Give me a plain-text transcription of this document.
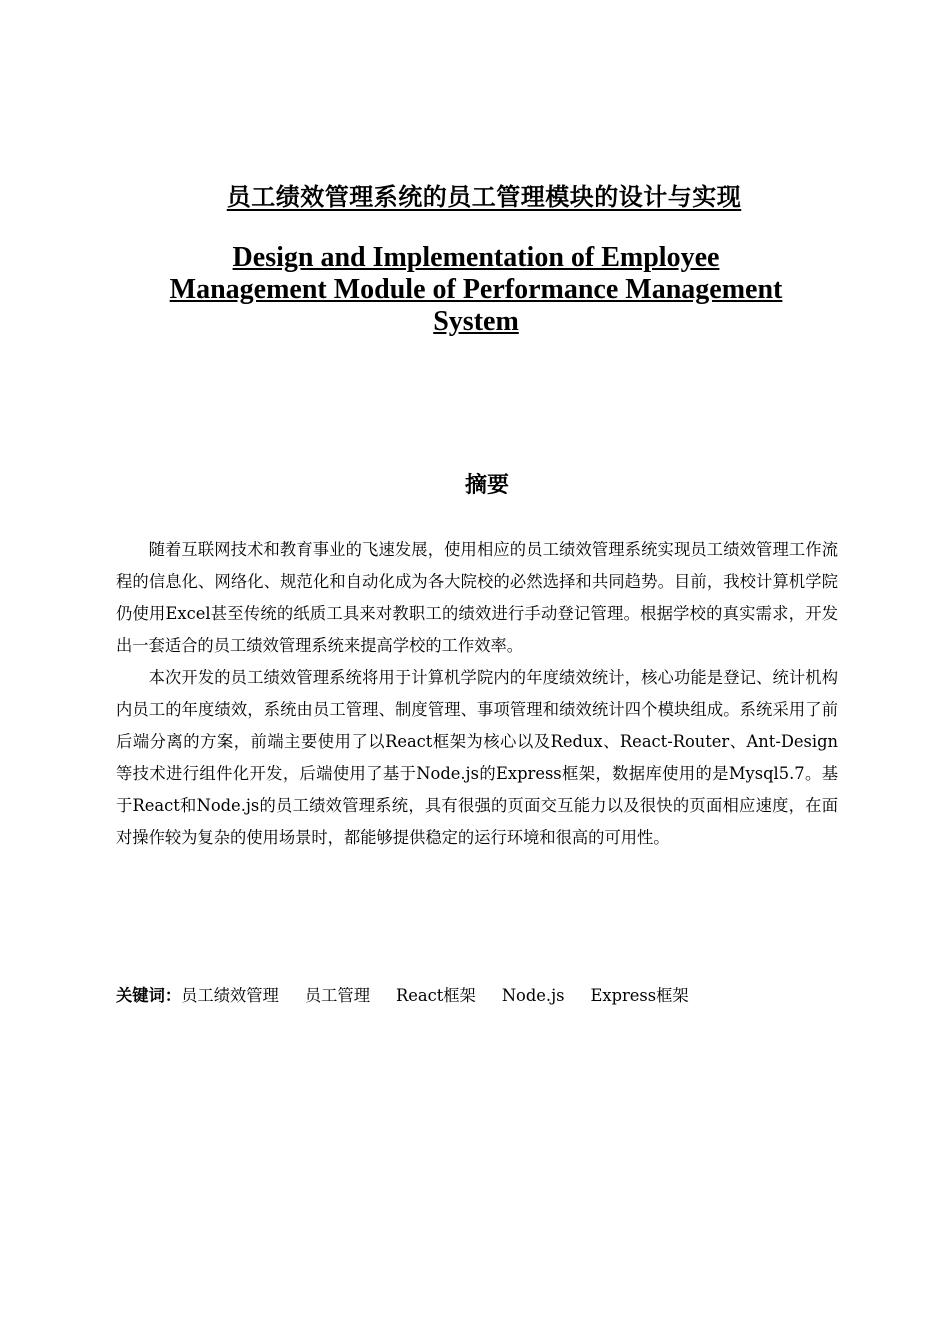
员工绩效管理系统的员工管理模块的设计与实现
Design and Implementation of Employee
Management Module of Performance Management
System
摘要

随着互联网技术和教育事业的飞速发展，使用相应的员工绩效管理系统实现员工绩效管理工作流程的信息化、网络化、规范化和自动化成为各大院校的必然选择和共同趋势。目前，我校计算机学院仍使用Excel甚至传统的纸质工具来对教职工的绩效进行手动登记管理。根据学校的真实需求，开发出一套适合的员工绩效管理系统来提高学校的工作效率。

本次开发的员工绩效管理系统将用于计算机学院内的年度绩效统计，核心功能是登记、统计机构内员工的年度绩效，系统由员工管理、制度管理、事项管理和绩效统计四个模块组成。系统采用了前后端分离的方案，前端主要使用了以React框架为核心以及Redux、React-Router、Ant-Design等技术进行组件化开发，后端使用了基于Node.js的Express框架，数据库使用的是Mysql5.7。基于React和Node.js的员工绩效管理系统，具有很强的页面交互能力以及很快的页面相应速度，在面对操作较为复杂的使用场景时，都能够提供稳定的运行环境和很高的可用性。

关键词：员工绩效管理 员工管理 React框架 Node.js Express框架
